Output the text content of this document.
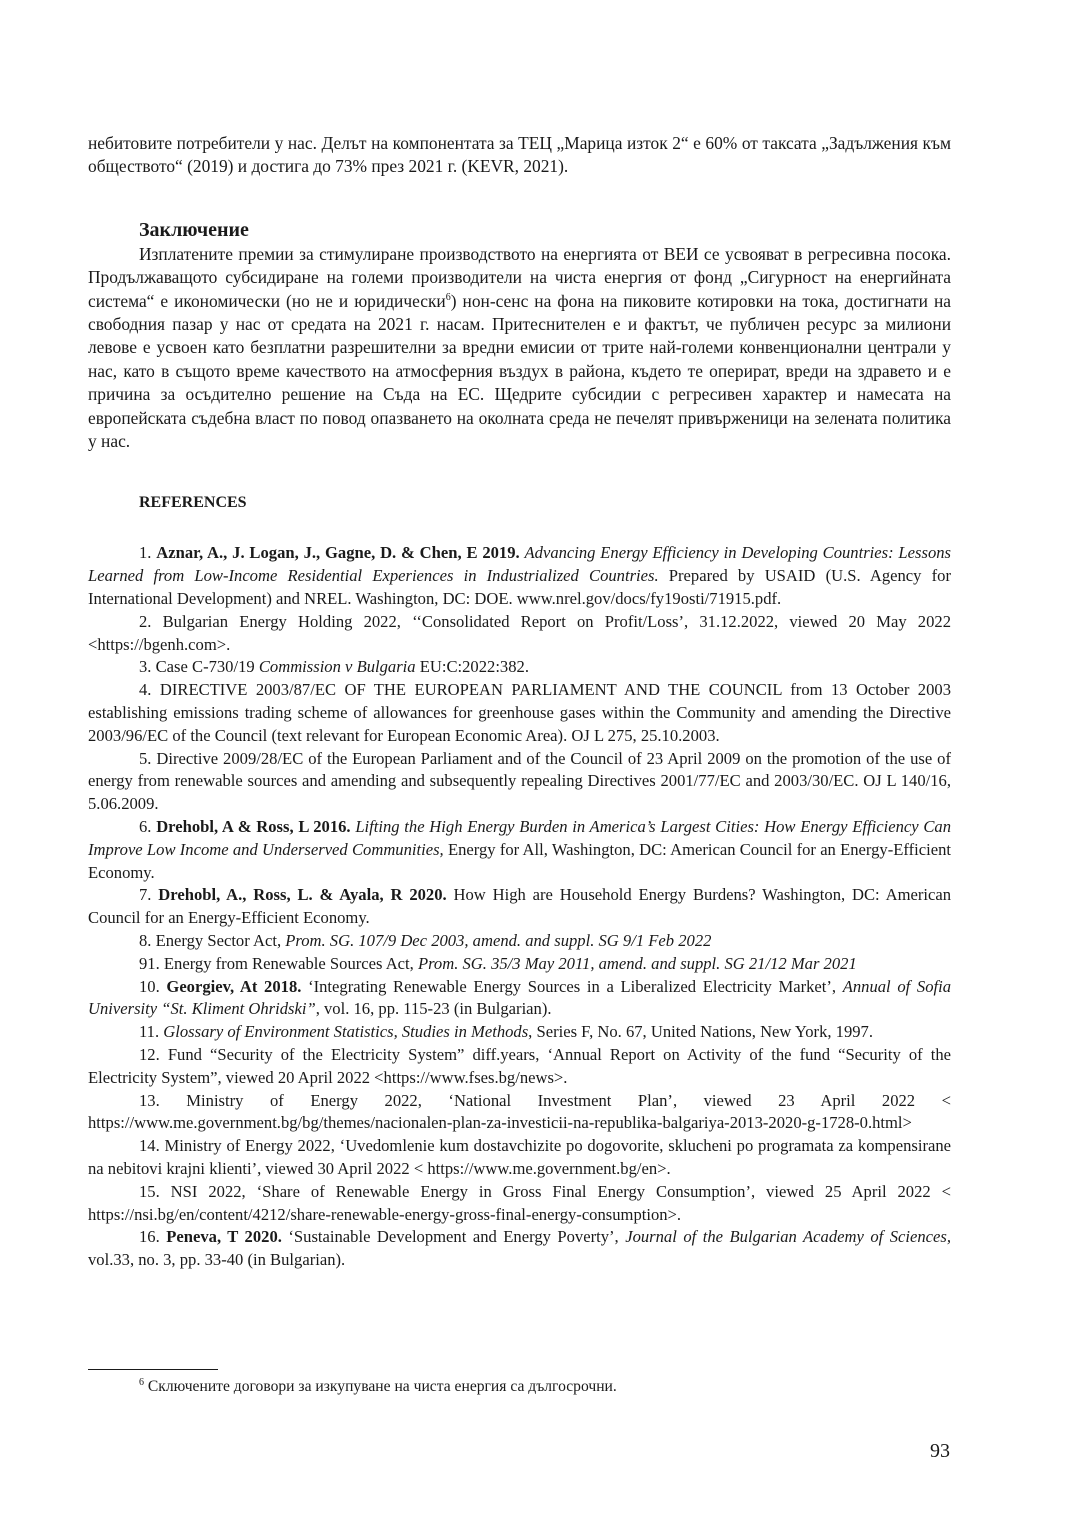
небитовите потребители у нас. Делът на компонентата за ТЕЦ „Марица изток 2“ е 60% от таксата „Задължения към обществото“ (2019) и достига до 73% през 2021 г. (KEVR, 2021).

Заключение

Изплатените премии за стимулиране производството на енергията от ВЕИ се усвояват в регресивна посока. Продължаващото субсидиране на големи производители на чиста енергия от фонд „Сигурност на енергийната система“ е икономически (но не и юридически$^6$) нон-сенс на фона на пиковите котировки на тока, достигнати на свободния пазар у нас от средата на 2021 г. насам. Притеснителен е и фактът, че публичен ресурс за милиони левове е усвоен като безплатни разрешителни за вредни емисии от трите най-големи конвенционални централи у нас, като в същото време качеството на атмосферния въздух в района, където те оперират, вреди на здравето и е причина за осъдително решение на Съда на ЕС. Щедрите субсидии с регресивен характер и намесата на европейската съдебна власт по повод опазването на околната среда не печелят привърженици на зелената политика у нас.

REFERENCES

1. Aznar, A., J. Logan, J., Gagne, D. & Chen, E 2019. Advancing Energy Efficiency in Developing Countries: Lessons Learned from Low-Income Residential Experiences in Industrialized Countries. Prepared by USAID (U.S. Agency for International Development) and NREL. Washington, DC: DOE. www.nrel.gov/docs/fy19osti/71915.pdf.

2. Bulgarian Energy Holding 2022, ‘‘Consolidated Report on Profit/Loss’, 31.12.2022, viewed 20 May 2022 <https://bgenh.com>.

3. Case C-730/19 Commission v Bulgaria EU:C:2022:382.

4. DIRECTIVE 2003/87/EC OF THE EUROPEAN PARLIAMENT AND THE COUNCIL from 13 October 2003 establishing emissions trading scheme of allowances for greenhouse gases within the Community and amending the Directive 2003/96/EC of the Council (text relevant for European Economic Area). OJ L 275, 25.10.2003.

5. Directive 2009/28/EC of the European Parliament and of the Council of 23 April 2009 on the promotion of the use of energy from renewable sources and amending and subsequently repealing Directives 2001/77/EC and 2003/30/EC. OJ L 140/16, 5.06.2009.

6. Drehobl, A & Ross, L 2016. Lifting the High Energy Burden in America’s Largest Cities: How Energy Efficiency Can Improve Low Income and Underserved Communities, Energy for All, Washington, DC: American Council for an Energy-Efficient Economy.

7. Drehobl, A., Ross, L. & Ayala, R 2020. How High are Household Energy Burdens? Washington, DC: American Council for an Energy-Efficient Economy.

8. Energy Sector Act, Prom. SG. 107/9 Dec 2003, amend. and suppl. SG 9/1 Feb 2022

91. Energy from Renewable Sources Act, Prom. SG. 35/3 May 2011, amend. and suppl. SG 21/12 Mar 2021

10. Georgiev, At 2018. ‘Integrating Renewable Energy Sources in a Liberalized Electricity Market’, Annual of Sofia University “St. Kliment Ohridski”, vol. 16, pp. 115-23 (in Bulgarian).

11. Glossary of Environment Statistics, Studies in Methods, Series F, No. 67, United Nations, New York, 1997.

12. Fund “Security of the Electricity System” diff.years, ‘Annual Report on Activity of the fund “Security of the Electricity System”, viewed 20 April 2022 <https://www.fses.bg/news>.

13. Ministry of Energy 2022, ‘National Investment Plan’, viewed 23 April 2022 < https://www.me.government.bg/bg/themes/nacionalen-plan-za-investicii-na-republika-balgariya-2013-2020-g-1728-0.html>

14. Ministry of Energy 2022, ‘Uvedomlenie kum dostavchizite po dogovorite, sklucheni po programata za kompensirane na nebitovi krajni klienti’, viewed 30 April 2022 < https://www.me.government.bg/en>.

15. NSI 2022, ‘Share of Renewable Energy in Gross Final Energy Consumption’, viewed 25 April 2022 < https://nsi.bg/en/content/4212/share-renewable-energy-gross-final-energy-consumption>.

16. Peneva, T 2020. ‘Sustainable Development and Energy Poverty’, Journal of the Bulgarian Academy of Sciences, vol.33, no. 3, pp. 33-40 (in Bulgarian).

$^6$ Сключените договори за изкупуване на чиста енергия са дългосрочни.
93
